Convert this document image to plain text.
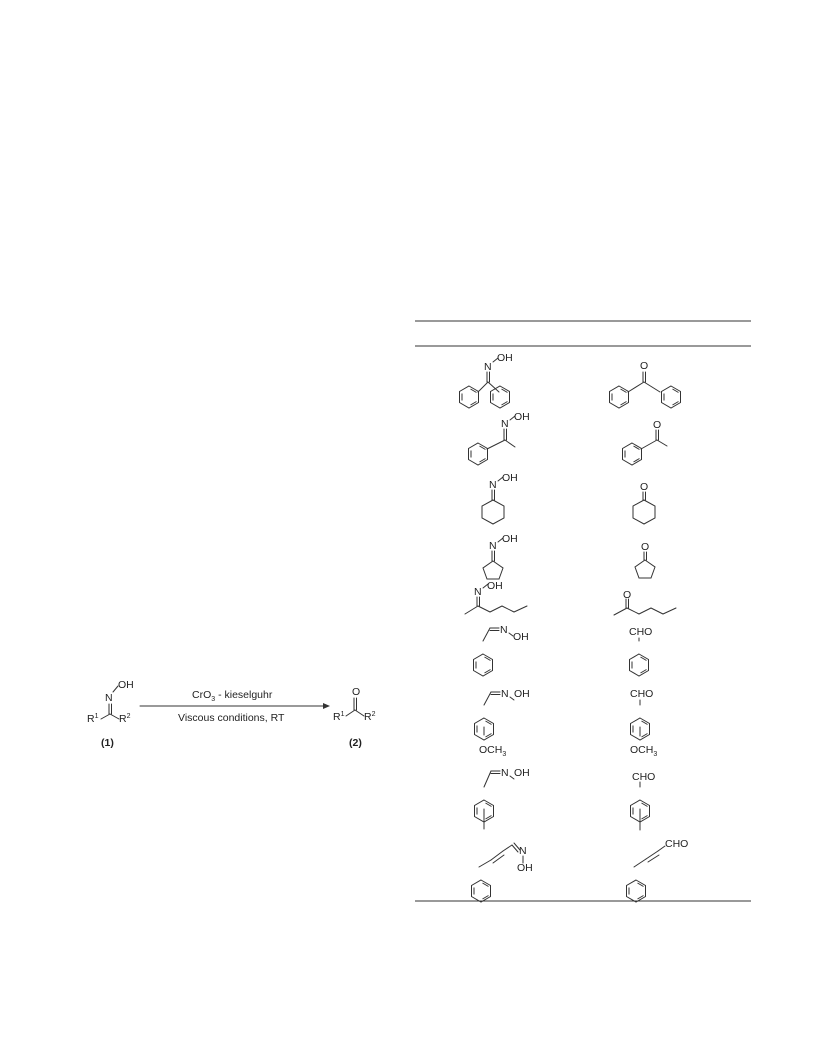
OH
N
$R^1$ $R^2$
(1)
CrO$_3$ - kieselguhr
Viscous conditions, RT
O
$R^1$ $R^2$
(2)
N
OH
O
N
OH
O
N
OH
O
N
OH
O
N OH
O
N
OH	CHO
N OH
$OCH_3$
CHO
$OCH_3$
N OH	CHO
N
OH
CHO
